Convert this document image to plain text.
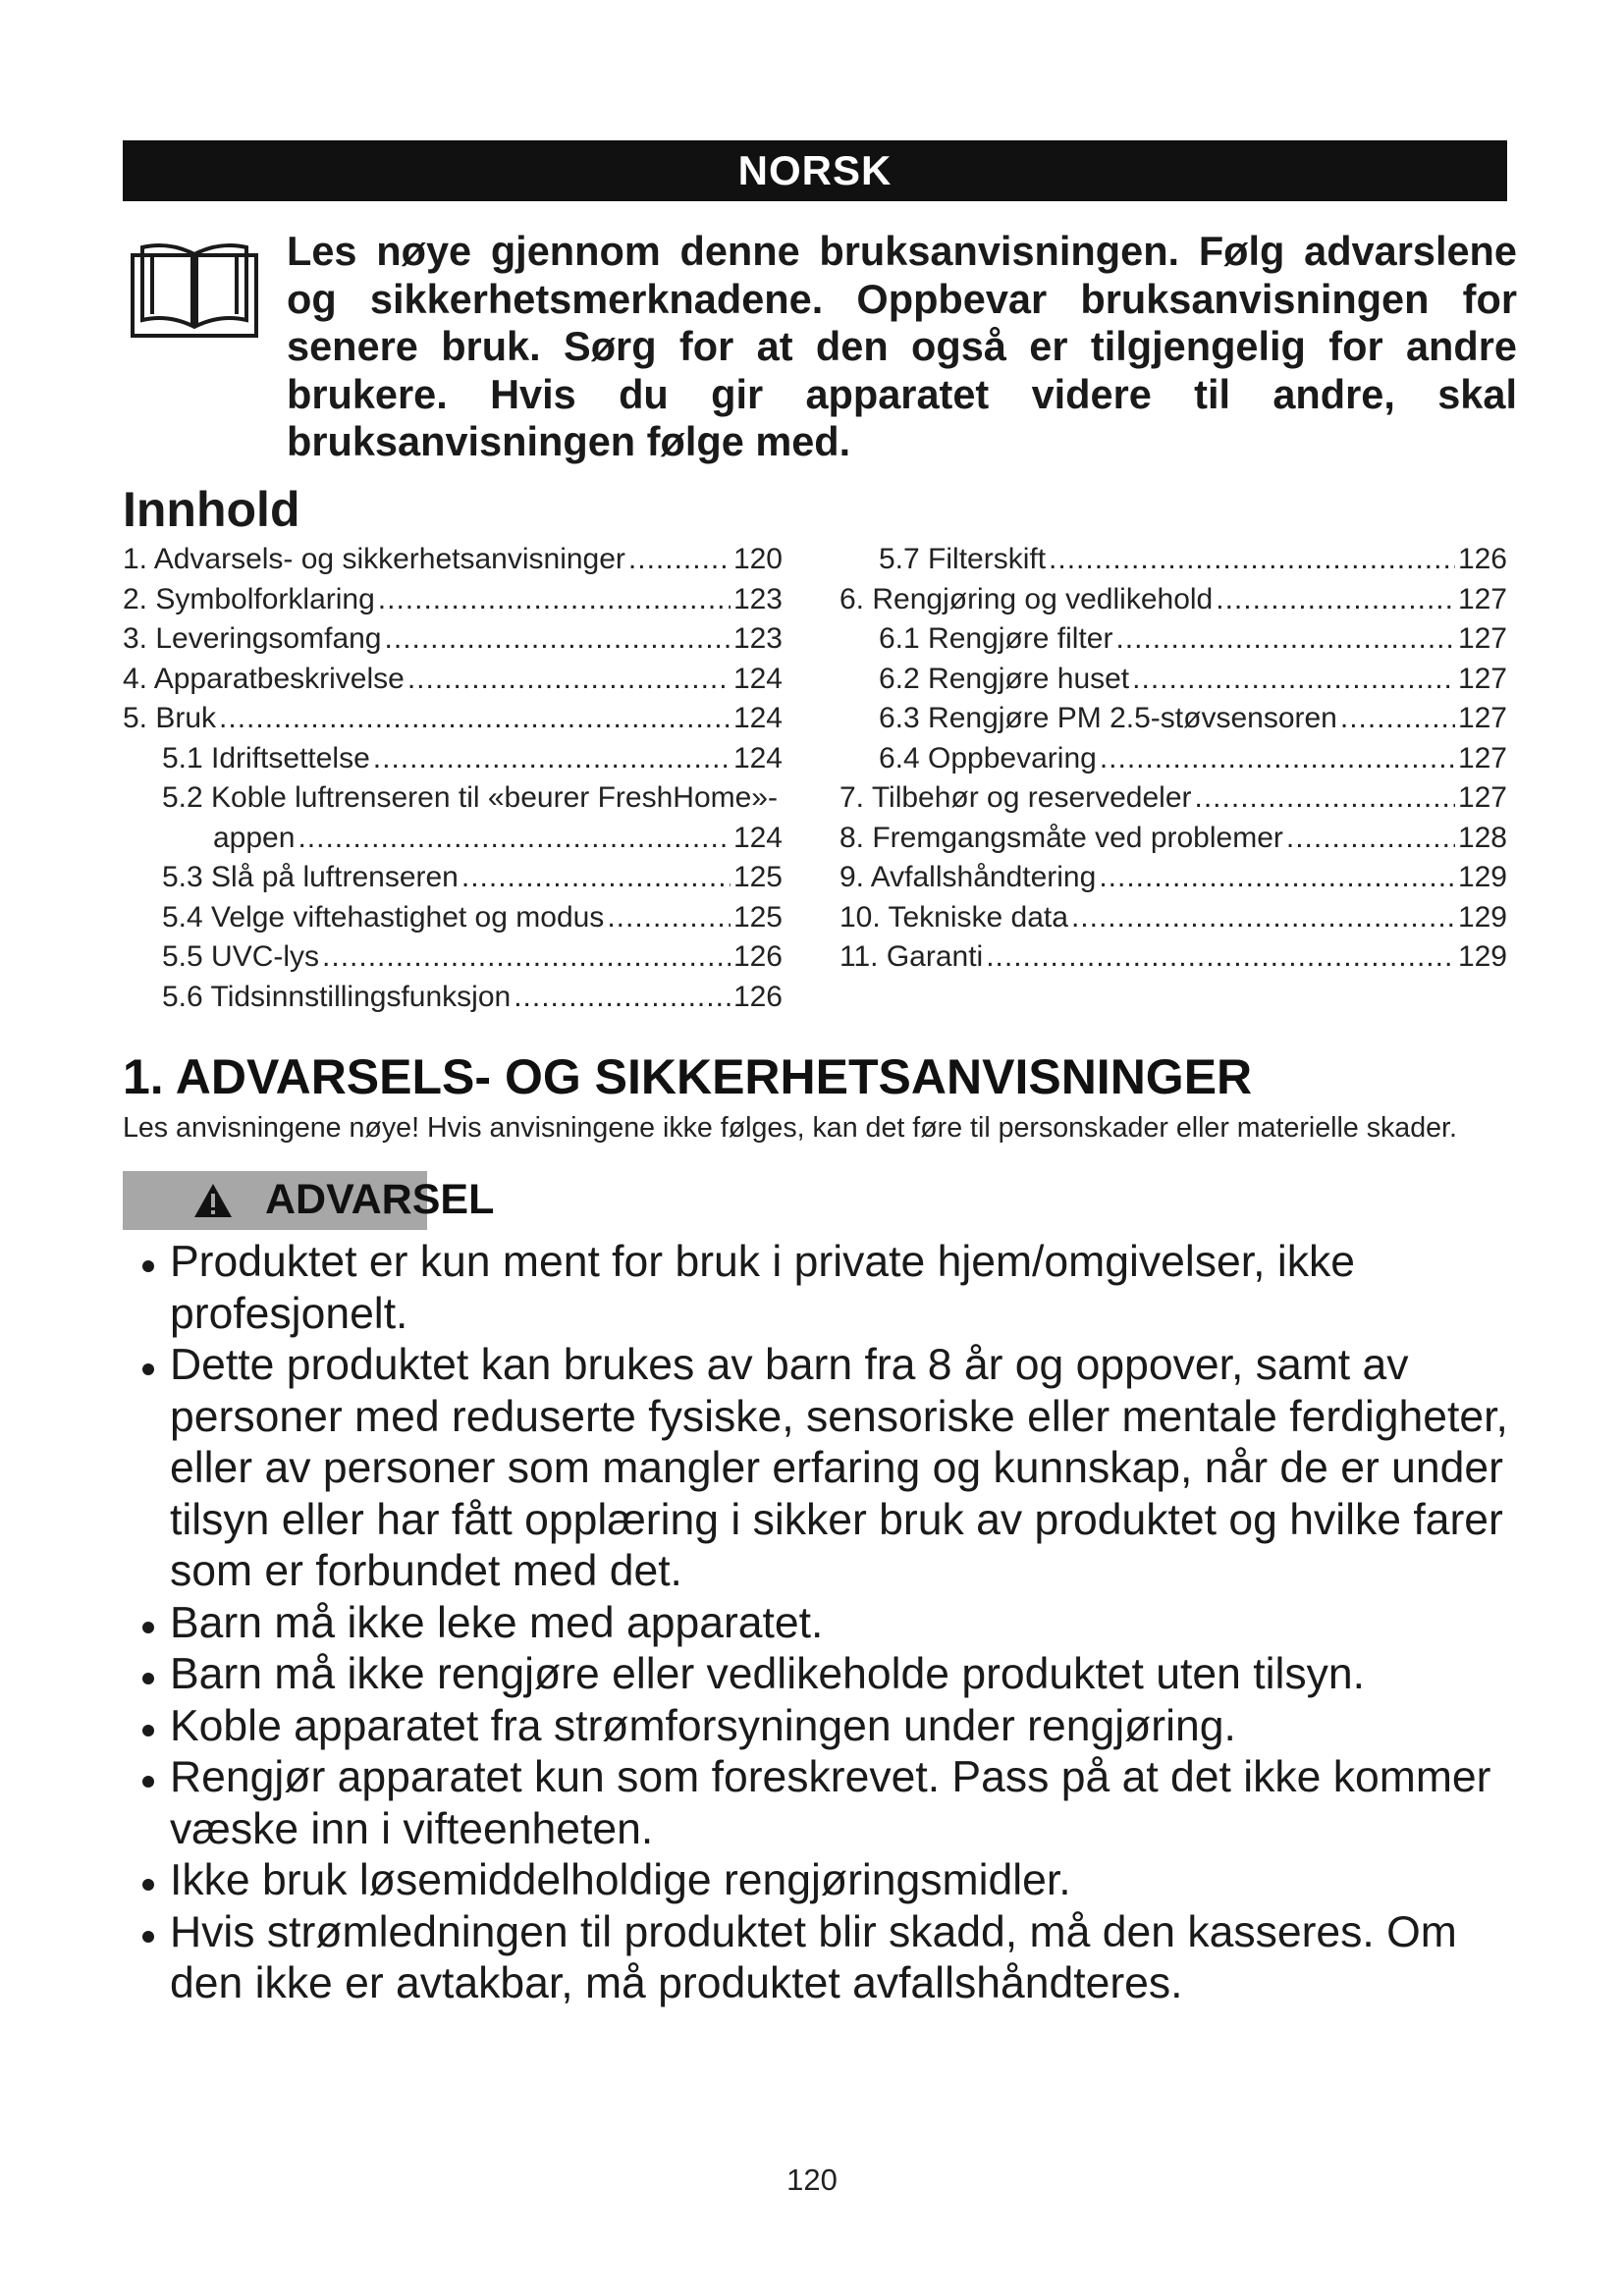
NORSK
Les nøye gjennom denne bruksanvisningen. Følg advarslene og sikkerhetsmerknadene. Oppbevar bruksanvisningen for senere bruk. Sørg for at den også er tilgjengelig for andre brukere. Hvis du gir apparatet videre til andre, skal bruksanvisningen følge med.
Innhold
1. Advarsels- og sikkerhetsanvisninger .....	120
2. Symbolforklaring .....	123
3. Leveringsomfang .....	123
4. Apparatbeskrivelse .....	124
5. Bruk .....	124
5.1 Idriftsettelse .....	124
5.2 Koble luftrenseren til «beurer FreshHome»-
appen .....	124
5.3 Slå på luftrenseren .....	125
5.4 Velge viftehastighet og modus .....	125
5.5 UVC-lys .....	126
5.6 Tidsinnstillingsfunksjon .....	126
5.7 Filterskift .....	126
6. Rengjøring og vedlikehold .....	127
6.1 Rengjøre filter .....	127
6.2 Rengjøre huset .....	127
6.3 Rengjøre PM 2.5-støvsensoren .....	127
6.4 Oppbevaring .....	127
7. Tilbehør og reservedeler .....	127
8. Fremgangsmåte ved problemer .....	128
9. Avfallshåndtering .....	129
10. Tekniske data .....	129
11. Garanti .....	129
1. ADVARSELS- OG SIKKERHETSANVISNINGER
Les anvisningene nøye! Hvis anvisningene ikke følges, kan det føre til personskader eller materielle skader.
ADVARSEL
Produktet er kun ment for bruk i private hjem/omgivelser, ikke profesjonelt.
Dette produktet kan brukes av barn fra 8 år og oppover, samt av personer med reduserte fysiske, sensoriske eller mentale ferdigheter, eller av personer som mangler erfaring og kunnskap, når de er under tilsyn eller har fått opplæring i sikker bruk av produktet og hvilke farer som er forbundet med det.
Barn må ikke leke med apparatet.
Barn må ikke rengjøre eller vedlikeholde produktet uten tilsyn.
Koble apparatet fra strømforsyningen under rengjøring.
Rengjør apparatet kun som foreskrevet. Pass på at det ikke kommer væske inn i vifteenheten.
Ikke bruk løsemiddelholdige rengjøringsmidler.
Hvis strømledningen til produktet blir skadd, må den kasseres. Om den ikke er avtakbar, må produktet avfallshåndteres.
120
